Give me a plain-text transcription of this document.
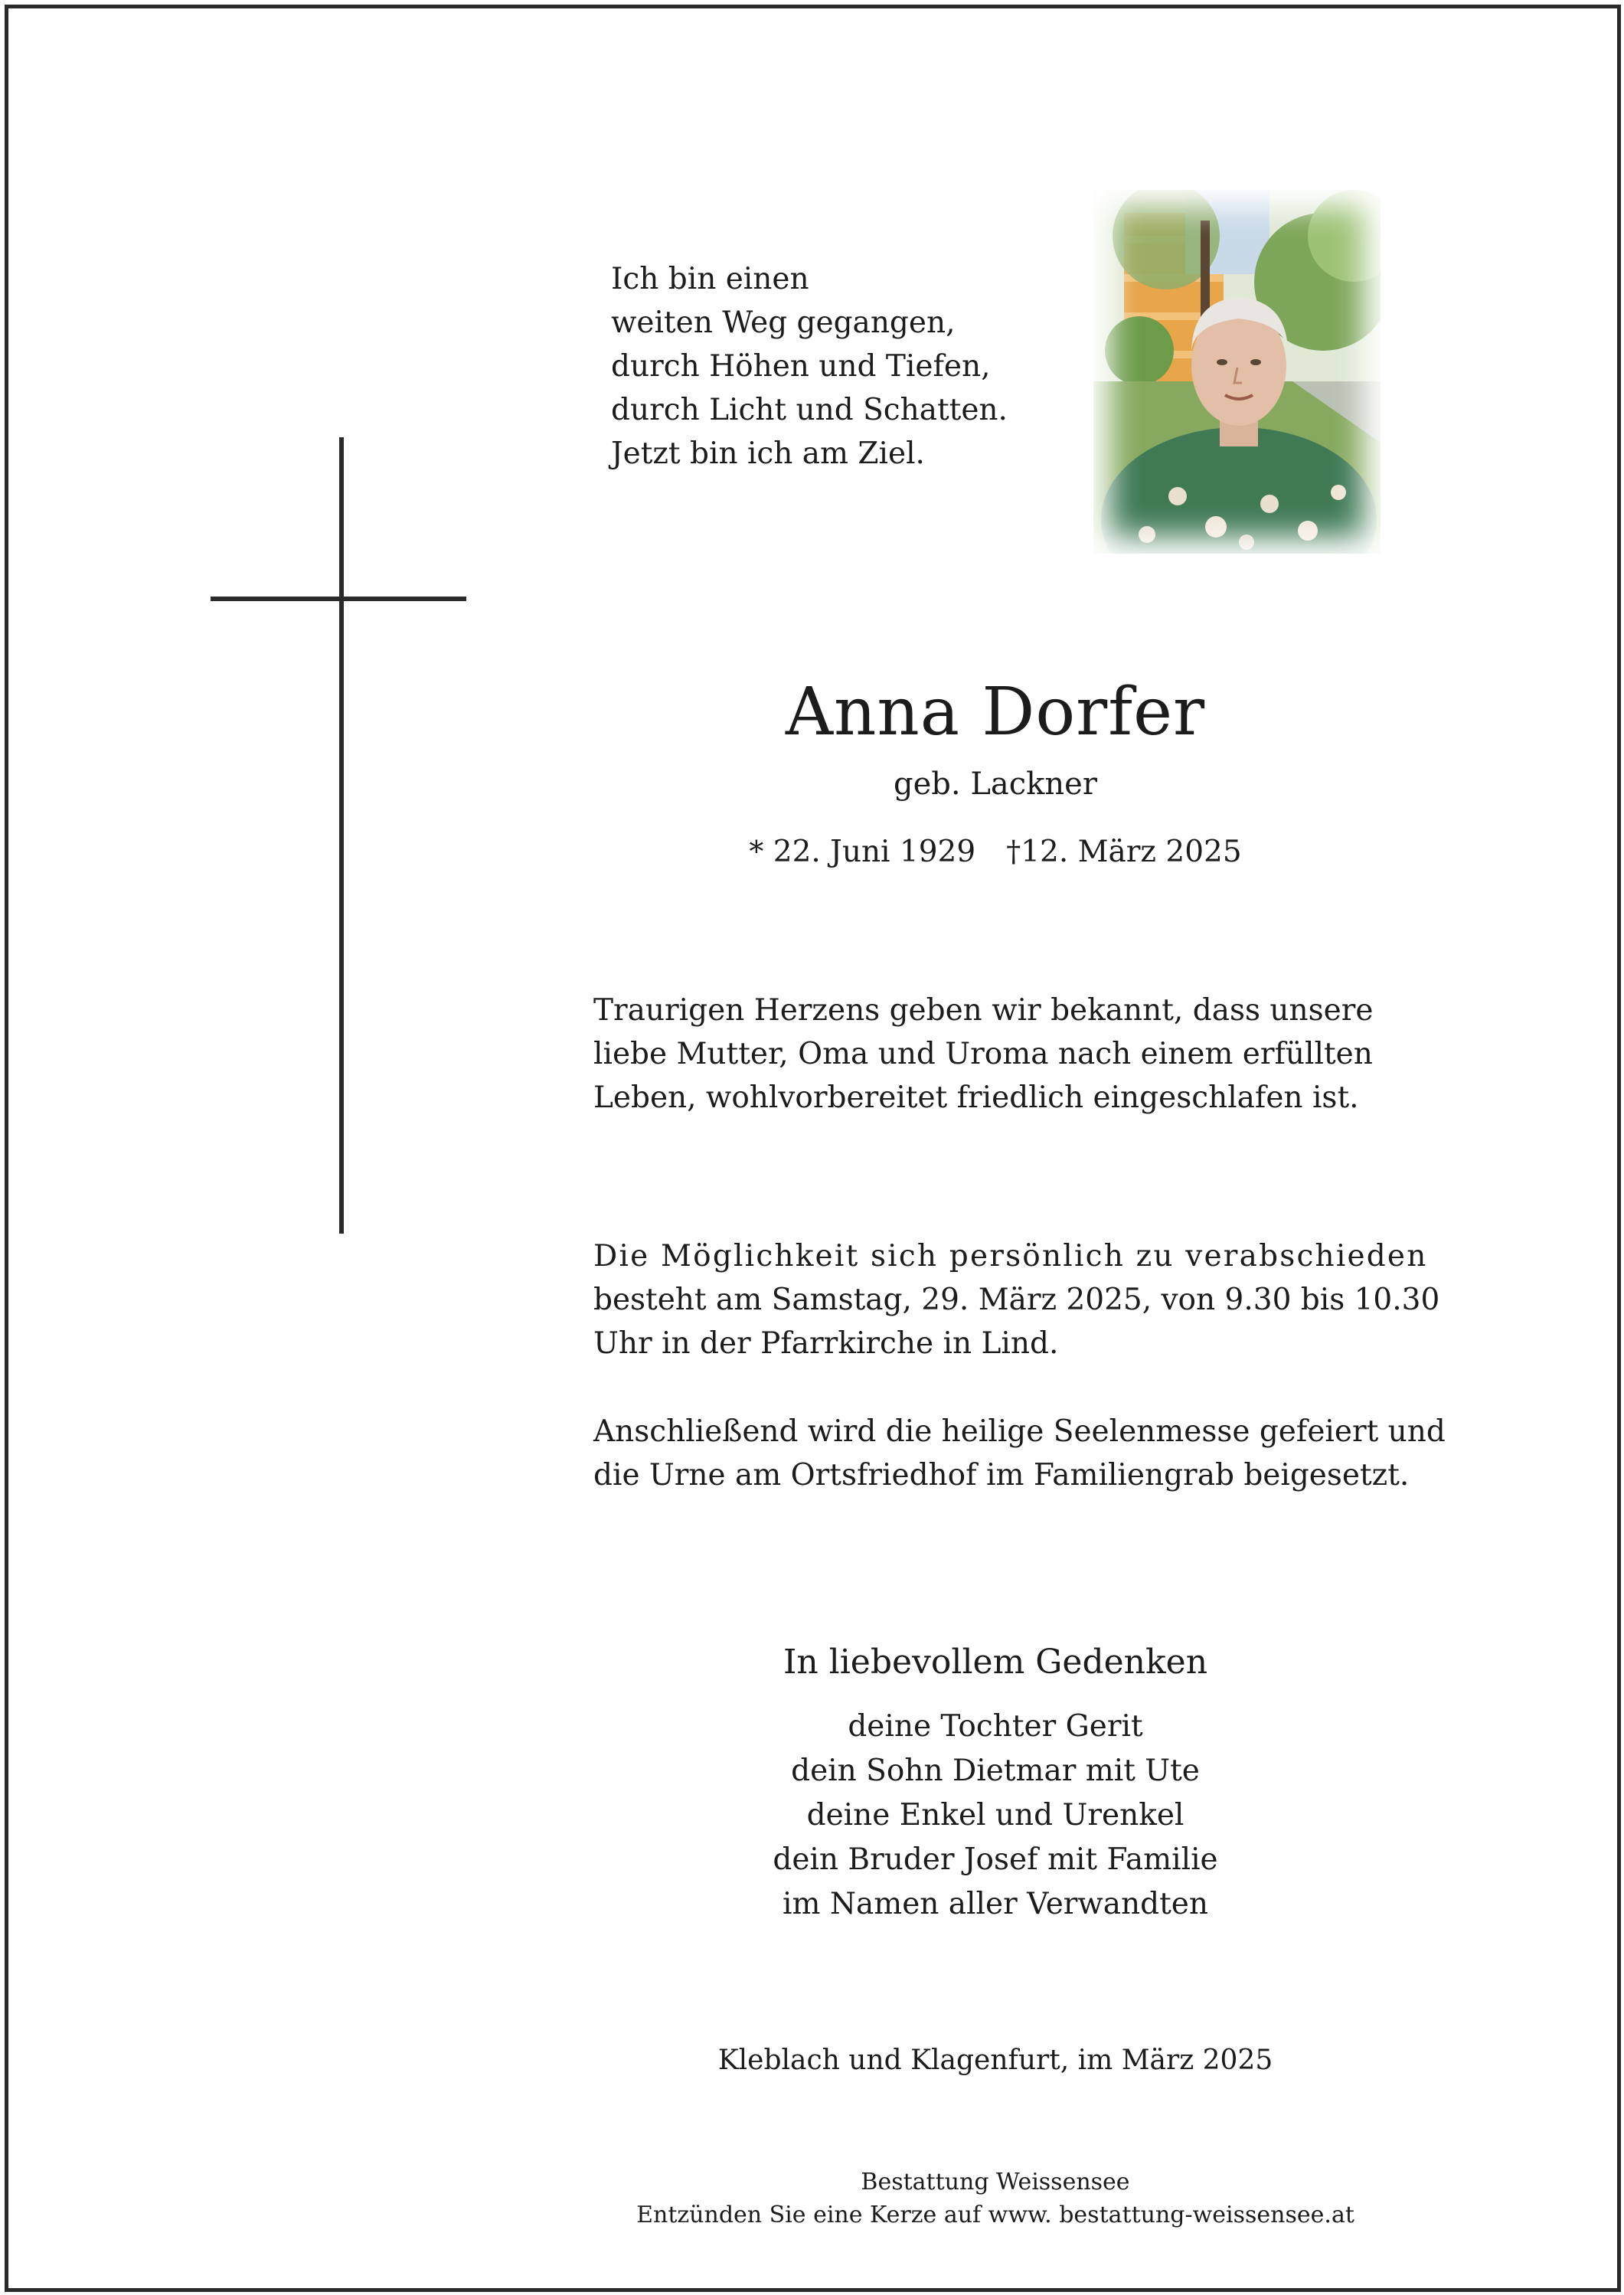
Ich bin einen
weiten Weg gegangen,
durch Höhen und Tiefen,
durch Licht und Schatten.
Jetzt bin ich am Ziel.
Anna Dorfer
geb. Lackner
* 22. Juni 1929 †12. März 2025
Traurigen Herzens geben wir bekannt, dass unsere
liebe Mutter, Oma und Uroma nach einem erfüllten
Leben, wohlvorbereitet friedlich eingeschlafen ist.
Die Möglichkeit sich persönlich zu verabschieden
besteht am Samstag, 29. März 2025, von 9.30 bis 10.30
Uhr in der Pfarrkirche in Lind.
Anschließend wird die heilige Seelenmesse gefeiert und
die Urne am Ortsfriedhof im Familiengrab beigesetzt.
In liebevollem Gedenken
deine Tochter Gerit
dein Sohn Dietmar mit Ute
deine Enkel und Urenkel
dein Bruder Josef mit Familie
im Namen aller Verwandten
Kleblach und Klagenfurt, im März 2025
Bestattung Weissensee
Entzünden Sie eine Kerze auf www. bestattung-weissensee.at
